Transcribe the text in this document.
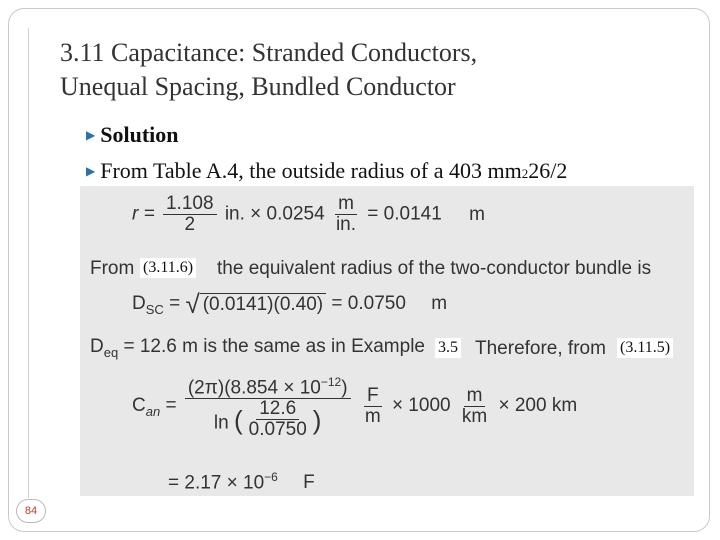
3.11 Capacitance: Stranded Conductors,
Unequal Spacing, Bundled Conductor
▶ Solution
▶ From Table A.4, the outside radius of a 403 mm 2 26/2
$r = \frac{1.108}{2}$ in. × $0.0254 \frac{m}{in.} = 0.0141$ m
From	the equivalent radius of the two-conductor bundle is
$D_{SC}$ = √ (0.0141)(0.40) = 0.0750 m
$D_{eq} = 12.6$ m is the same as in Example	Therefore, from
$C_{an} = \frac{(2\pi)(8.854 \times 10^{-12})}{\ln ( \frac{12.6}{0.0750} )}$
$\frac{F}{m} \times 1000 \frac{m}{km} \times 200$ km
= $2.17 \times 10^{-6}$ F
(3.11.6)
3.5	(3.11.5)
84
